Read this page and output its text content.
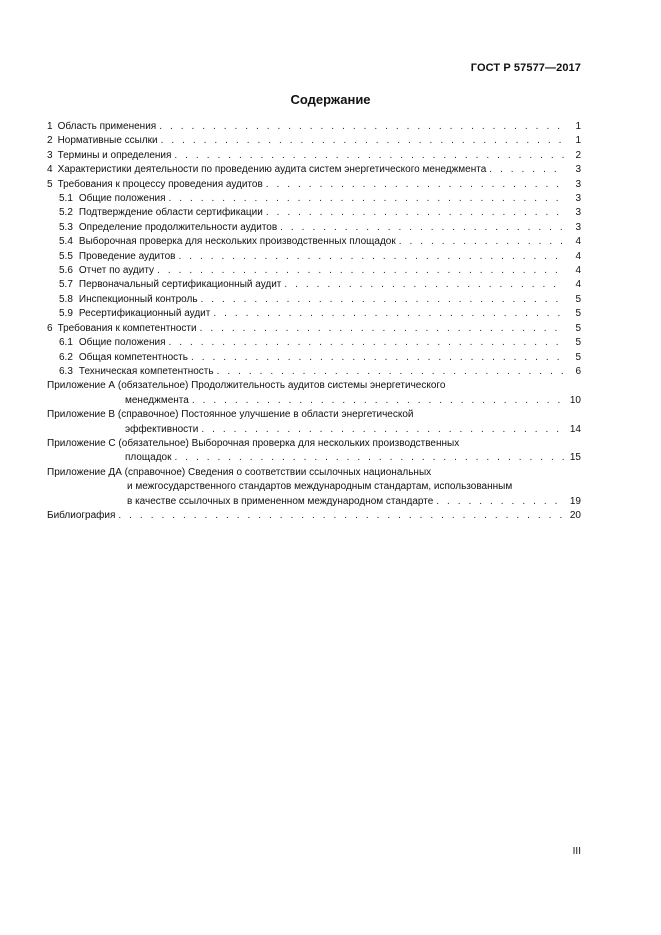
ГОСТ Р 57577—2017
Содержание
1 Область применения . . .	1
2 Нормативные ссылки . . .	1
3 Термины и определения . . .	2
4 Характеристики деятельности по проведению аудита систем энергетического менеджмента . . .	3
5 Требования к процессу проведения аудитов . . .	3
5.1 Общие положения . . .	3
5.2 Подтверждение области сертификации . . .	3
5.3 Определение продолжительности аудитов . . .	3
5.4 Выборочная проверка для нескольких производственных площадок . . .	4
5.5 Проведение аудитов . . .	4
5.6 Отчет по аудиту . . .	4
5.7 Первоначальный сертификационный аудит . . .	4
5.8 Инспекционный контроль . . .	5
5.9 Ресертификационный аудит . . .	5
6 Требования к компетентности . . .	5
6.1 Общие положения . . .	5
6.2 Общая компетентность . . .	5
6.3 Техническая компетентность . . .	6
Приложение А (обязательное) Продолжительность аудитов системы энергетического
менеджмента . . .	10
Приложение В (справочное) Постоянное улучшение в области энергетической
эффективности . . .	14
Приложение С (обязательное) Выборочная проверка для нескольких производственных
площадок . . .	15
Приложение ДА (справочное) Сведения о соответствии ссылочных национальных
и межгосударственного стандартов международным стандартам, использованным
в качестве ссылочных в примененном международном стандарте . . .	19
Библиография . . .	20
III
